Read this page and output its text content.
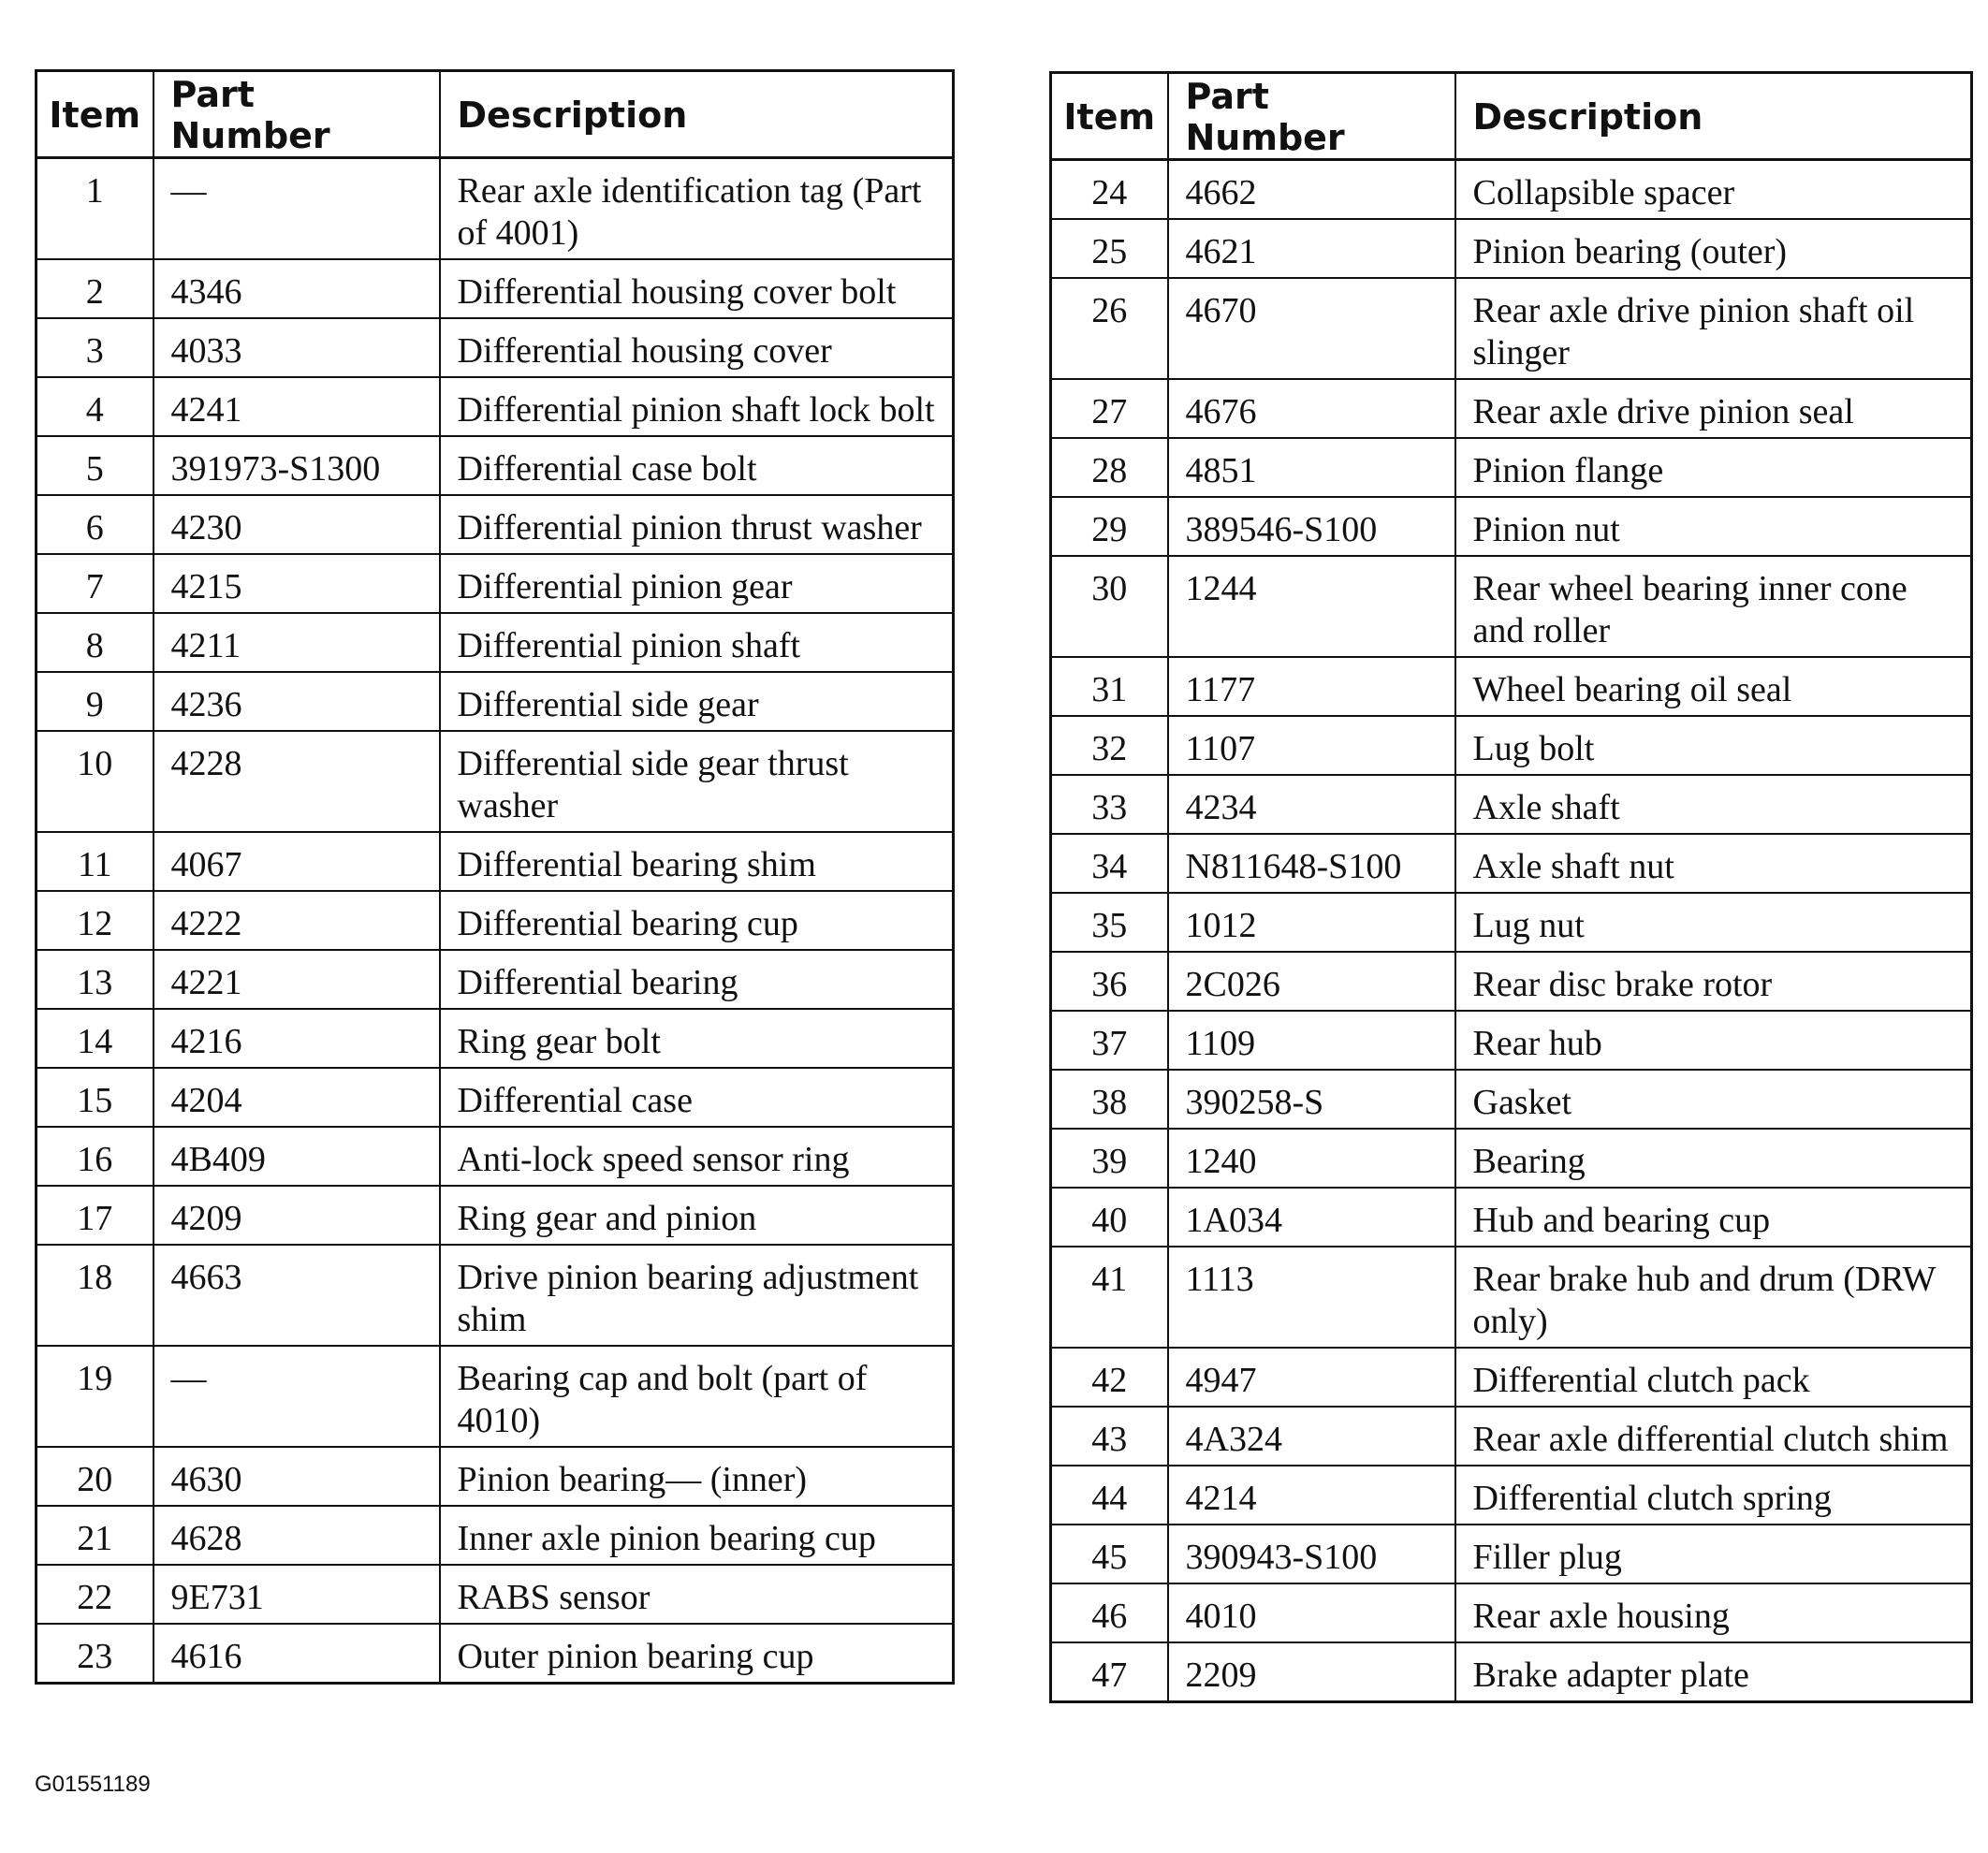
Item	Part Number	Description
1	—	Rear axle identification tag (Part of 4001)
2	4346	Differential housing cover bolt
3	4033	Differential housing cover
4	4241	Differential pinion shaft lock bolt
5	391973-S1300	Differential case bolt
6	4230	Differential pinion thrust washer
7	4215	Differential pinion gear
8	4211	Differential pinion shaft
9	4236	Differential side gear
10	4228	Differential side gear thrust washer
11	4067	Differential bearing shim
12	4222	Differential bearing cup
13	4221	Differential bearing
14	4216	Ring gear bolt
15	4204	Differential case
16	4B409	Anti-lock speed sensor ring
17	4209	Ring gear and pinion
18	4663	Drive pinion bearing adjustment shim
19	—	Bearing cap and bolt (part of 4010)
20	4630	Pinion bearing— (inner)
21	4628	Inner axle pinion bearing cup
22	9E731	RABS sensor
23	4616	Outer pinion bearing cup
Item	Part Number	Description
24	4662	Collapsible spacer
25	4621	Pinion bearing (outer)
26	4670	Rear axle drive pinion shaft oil slinger
27	4676	Rear axle drive pinion seal
28	4851	Pinion flange
29	389546-S100	Pinion nut
30	1244	Rear wheel bearing inner cone and roller
31	1177	Wheel bearing oil seal
32	1107	Lug bolt
33	4234	Axle shaft
34	N811648-S100	Axle shaft nut
35	1012	Lug nut
36	2C026	Rear disc brake rotor
37	1109	Rear hub
38	390258-S	Gasket
39	1240	Bearing
40	1A034	Hub and bearing cup
41	1113	Rear brake hub and drum (DRW only)
42	4947	Differential clutch pack
43	4A324	Rear axle differential clutch shim
44	4214	Differential clutch spring
45	390943-S100	Filler plug
46	4010	Rear axle housing
47	2209	Brake adapter plate
G01551189
